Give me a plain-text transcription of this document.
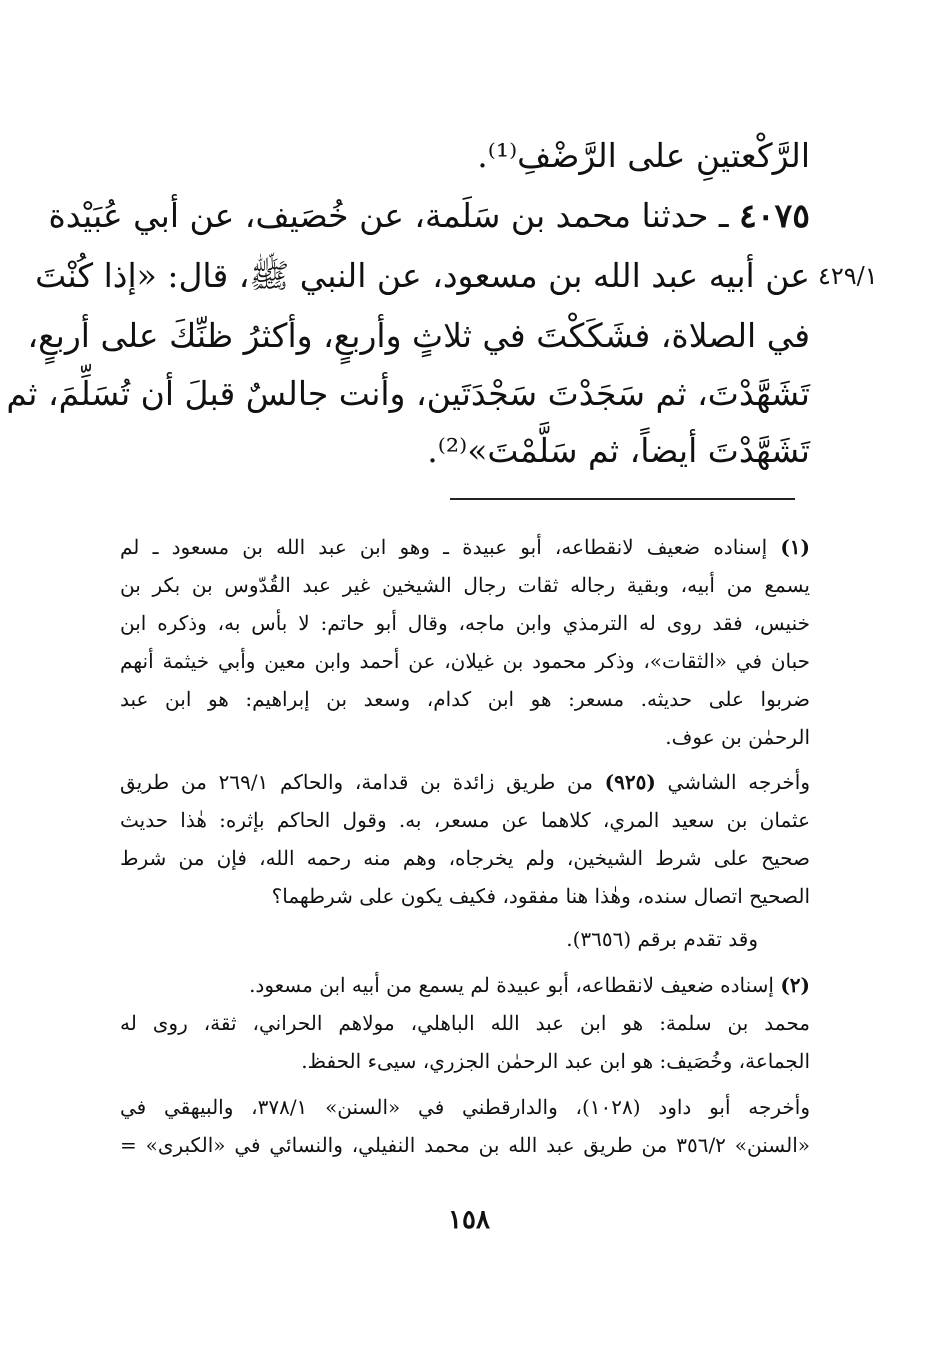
الرَّكْعتينِ على الرَّضْفِ⁽¹⁾.
٤٠٧٥ ـ حدثنا محمد بن سَلَمة، عن خُصَيف، عن أبي عُبَيْدة
عن أبيه عبد الله بن مسعود، عن النبي ﷺ، قال: «إذا كُنْتَ
في الصلاة، فشَكَكْتَ في ثلاثٍ وأربعٍ، وأكثرُ ظنِّكَ على أربعٍ،
تَشَهَّدْتَ، ثم سَجَدْتَ سَجْدَتَين، وأنت جالسٌ قبلَ أن تُسَلِّمَ، ثم
تَشَهَّدْتَ أيضاً، ثم سَلَّمْتَ»⁽²⁾.
٤٢٩/١
(١) إسناده ضعيف لانقطاعه، أبو عبيدة ـ وهو ابن عبد الله بن مسعود ـ لم
يسمع من أبيه، وبقية رجاله ثقات رجال الشيخين غير عبد القُدّوس بن بكر بن
خنيس، فقد روى له الترمذي وابن ماجه، وقال أبو حاتم: لا بأس به، وذكره ابن
حبان في «الثقات»، وذكر محمود بن غيلان، عن أحمد وابن معين وأبي خيثمة أنهم
ضربوا على حديثه. مسعر: هو ابن كدام، وسعد بن إبراهيم: هو ابن عبد
الرحمٰن بن عوف.
وأخرجه الشاشي (٩٢٥) من طريق زائدة بن قدامة، والحاكم ٢٦٩/١ من طريق
عثمان بن سعيد المري، كلاهما عن مسعر، به. وقول الحاكم بإثره: هٰذا حديث
صحيح على شرط الشيخين، ولم يخرجاه، وهم منه رحمه الله، فإن من شرط
الصحيح اتصال سنده، وهٰذا هنا مفقود، فكيف يكون على شرطهما؟
وقد تقدم برقم (٣٦٥٦).
(٢) إسناده ضعيف لانقطاعه، أبو عبيدة لم يسمع من أبيه ابن مسعود.
محمد بن سلمة: هو ابن عبد الله الباهلي، مولاهم الحراني، ثقة، روى له
الجماعة، وخُصَيف: هو ابن عبد الرحمٰن الجزري، سيىء الحفظ.
وأخرجه أبو داود (١٠٢٨)، والدارقطني في «السنن» ٣٧٨/١، والبيهقي في
«السنن» ٣٥٦/٢ من طريق عبد الله بن محمد النفيلي، والنسائي في «الكبرى» =
١٥٨
